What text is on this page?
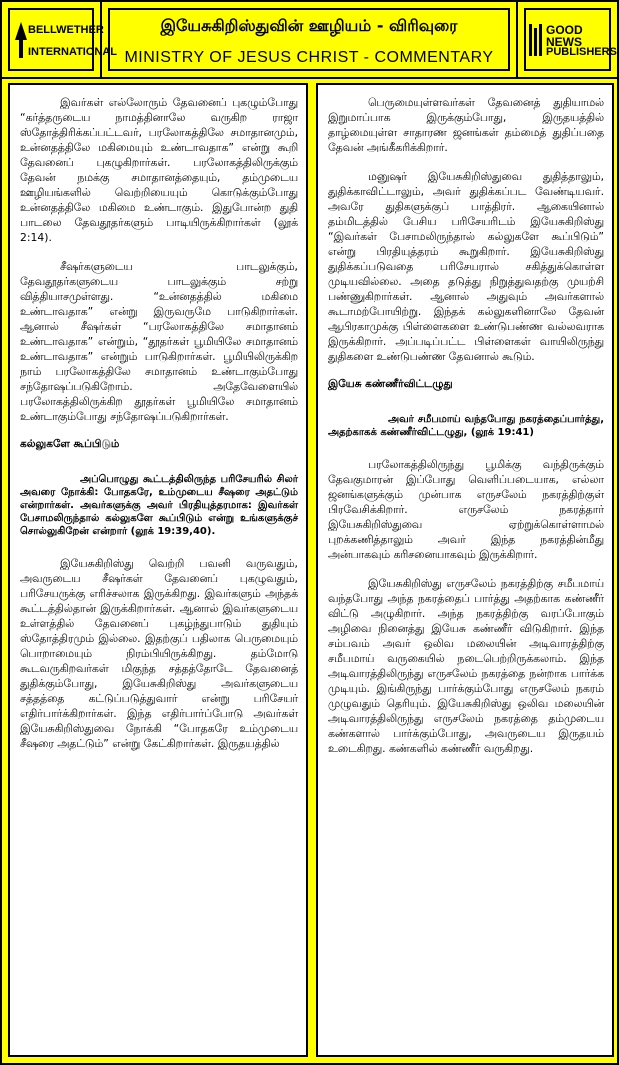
BELLWETHER
INTERNATIONAL
இயேசுகிறிஸ்துவின் ஊழியம் - விரிவுரை
MINISTRY OF JESUS CHRIST - COMMENTARY
GOOD NEWS
PUBLISHERS

இவர்கள் எல்லோரும் தேவனைப் புகழும்போது “கர்த்தருடைய நாமத்தினாலே வருகிற ராஜா ஸ்தோத்திரிக்கப்பட்டவர், பரலோகத்திலே சமாதானமும், உன்னதத்திலே மகிமையும் உண்டாவதாக” என்று கூறி தேவனைப் புகழுகிறார்கள். பரலோகத்திலிருக்கும் தேவன் நமக்கு சமாதானத்தையும், தம்முடைய ஊழியங்களில் வெற்றியையும் கொடுக்கும்போது உன்னதத்திலே மகிமை உண்டாகும். இதுபோன்ற துதி பாடலை தேவதூதர்களும் பாடியிருக்கிறார்கள் (லூக் 2:14).

சீஷர்களுடைய பாடலுக்கும், தேவதூதர்களுடைய பாடலுக்கும் சற்று வித்தியாசமுள்ளது. “உன்னதத்தில் மகிமை உண்டாவதாக” என்று இருவருமே பாடுகிறார்கள். ஆனால் சீஷர்கள் “பரலோகத்திலே சமாதானம் உண்டாவதாக” என்றும், “தூதர்கள் பூமியிலே சமாதானம் உண்டாவதாக” என்றும் பாடுகிறார்கள். பூமியிலிருக்கிற நாம் பரலோகத்திலே சமாதானம் உண்டாகும்போது சந்தோஷப்படுகிறோம். அதேவேளையில் பரலோகத்திலிருக்கிற தூதர்கள் பூமியிலே சமாதானம் உண்டாகும்போது சந்தோஷப்படுகிறார்கள்.

கல்லுகளே கூப்பிடும்
அப்பொழுது கூட்டத்திலிருந்த பரிசேயரில் சிலர் அவரை நோக்கி: போதகரே, உம்முடைய சீஷரை அதட்டும் என்றார்கள். அவர்களுக்கு அவர் பிரதியுத்தரமாக: இவர்கள் பேசாமலிருந்தால் கல்லுகளே கூப்பிடும் என்று உங்களுக்குச் சொல்லுகிறேன் என்றார் (லூக் 19:39,40).

இயேசுகிறிஸ்து வெற்றி பவனி வருவதும், அவருடைய சீஷர்கள் தேவனைப் புகழுவதும், பரிசேயருக்கு எரிச்சலாக இருக்கிறது. இவர்களும் அந்தக் கூட்டத்தில்தான் இருக்கிறார்கள். ஆனால் இவர்களுடைய உள்ளத்தில் தேவனைப் புகழ்ந்துபாடும் துதியும் ஸ்தோத்திரமும் இல்லை. இதற்குப் பதிலாக பெருமையும் பொறாமையும் நிரம்பியிருக்கிறது. தம்மோடு கூடவருகிறவர்கள் மிகுந்த சத்தத்தோடே தேவனைத் துதிக்கும்போது, இயேசுகிறிஸ்து அவர்களுடைய சத்தத்தை கட்டுப்படுத்துவார் என்று பரிசேயர் எதிர்பார்க்கிறார்கள். இந்த எதிர்பார்ப்போடு அவர்கள் இயேசுகிறிஸ்துவை நோக்கி “போதகரே உம்முடைய சீஷரை அதட்டும்” என்று கேட்கிறார்கள். இருதயத்தில்

பெருமையுள்ளவர்கள் தேவனைத் துதியாமல் இறுமாப்பாக இருக்கும்போது, இருதயத்தில் தாழ்மையுள்ள சாதாரண ஜனங்கள் தம்மைத் துதிப்பதை தேவன் அங்கீகரிக்கிறார்.

மனுஷர் இயேசுகிறிஸ்துவை துதித்தாலும், துதிக்காவிட்டாலும், அவர் துதிக்கப்பட வேண்டியவர். அவரே துதிகளுக்குப் பாத்திரர். ஆகையினால் தம்மிடத்தில் பேசிய பரிசேயரிடம் இயேசுகிறிஸ்து “இவர்கள் பேசாமலிருந்தால் கல்லுகளே கூப்பிடும்” என்று பிரதியுத்தரம் கூறுகிறார். இயேசுகிறிஸ்து துதிக்கப்படுவதை பரிசேயரால் சகித்துக்கொள்ள முடியவில்லை. அதை தடுத்து நிறுத்துவதற்கு முயற்சி பண்ணுகிறார்கள். ஆனால் அதுவும் அவர்களால் கூடாமற்போயிற்று. இந்தக் கல்லுகளினாலே தேவன் ஆபிரகாமுக்கு பிள்ளைகளை உண்டுபண்ண வல்லவராக இருக்கிறார். அப்படிப்பட்ட பிள்ளைகள் வாயிலிருந்து துதிகளை உண்டுபண்ண தேவனால் கூடும்.

இயேசு கண்ணீர்விட்டழுது
அவர் சமீபமாய் வந்தபோது நகரத்தைப்பார்த்து, அதற்காகக் கண்ணீர்விட்டழுது, (லூக் 19:41)

பரலோகத்திலிருந்து பூமிக்கு வந்திருக்கும் தேவகுமாரன் இப்போது வெளிப்படையாக, எல்லா ஜனங்களுக்கும் முன்பாக எருசலேம் நகரத்திற்குள் பிரவேசிக்கிறார். எருசலேம் நகரத்தார் இயேசுகிறிஸ்துவை ஏற்றுக்கொள்ளாமல் புறக்கணித்தாலும் அவர் இந்த நகரத்தின்மீது அன்பாகவும் கரிசனையாகவும் இருக்கிறார்.

இயேசுகிறிஸ்து எருசலேம் நகரத்திற்கு சமீபமாய் வந்தபோது அந்த நகரத்தைப் பார்த்து அதற்காக கண்ணீர் விட்டு அழுகிறார். அந்த நகரத்திற்கு வரப்போகும் அழிவை நினைத்து இயேசு கண்ணீர் விடுகிறார். இந்த சம்பவம் அவர் ஒலிவ மலையின் அடிவாரத்திற்கு சமீபமாய் வருகையில் நடைபெற்றிருக்கலாம். இந்த அடிவாரத்திலிருந்து எருசலேம் நகரத்தை நன்றாக பார்க்க முடியும். இங்கிருந்து பார்க்கும்போது எருசலேம் நகரம் முழுவதும் தெரியும். இயேசுகிறிஸ்து ஒலிவ மலையின் அடிவாரத்திலிருந்து எருசலேம் நகரத்தை தம்முடைய கண்களால் பார்க்கும்போது, அவருடைய இருதயம் உடைகிறது. கண்களில் கண்ணீர் வருகிறது.
